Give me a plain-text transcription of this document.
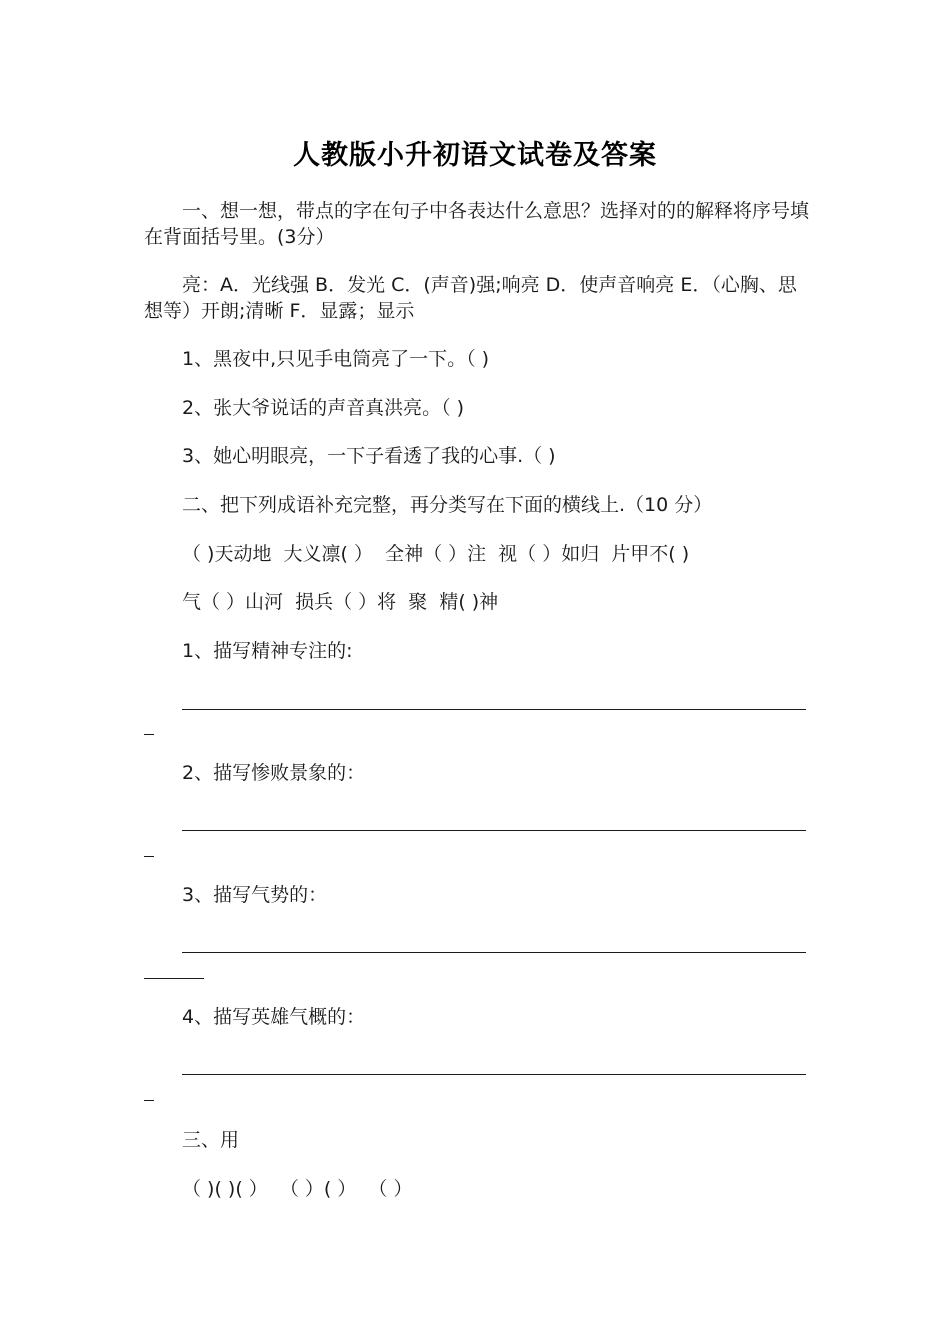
人教版小升初语文试卷及答案
一、想一想，带点的字在句子中各表达什么意思？选择对的的解释将序号填在背面括号里。(3分）
亮：A．光线强 B．发光 C．(声音)强;响亮 D．使声音响亮 E．（心胸、思想等）开朗;清晰 F．显露；显示
1、黑夜中,只见手电筒亮了一下。（ )
2、张大爷说话的声音真洪亮。（ )
3、她心明眼亮，一下子看透了我的心事.（ )
二、把下列成语补充完整，再分类写在下面的横线上.（10 分）
（ )天动地  大义凛( ）  全神（ ）注  视（ ）如归  片甲不( )
气（ ）山河  损兵（ ）将  聚  精( )神
1、描写精神专注的:
2、描写惨败景象的：
3、描写气势的：
4、描写英雄气概的：
三、用
（ )( )( ）  （ ）( ）  （ ）
